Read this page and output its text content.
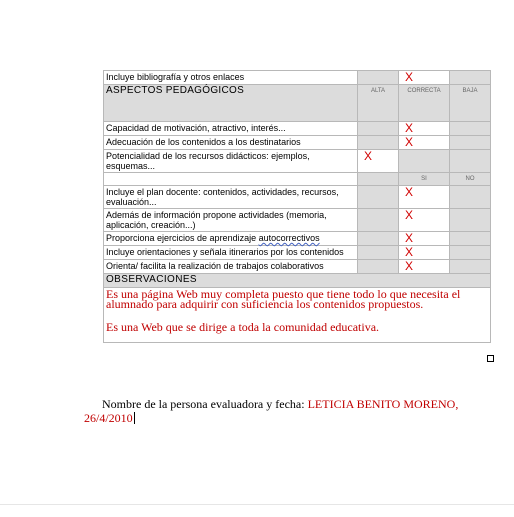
Incluye bibliografía y otros enlaces		X	
ASPECTOS PEDAGÓGICOS	ALTA	CORRECTA	BAJA
Capacidad de motivación, atractivo, interés...		X	
Adecuación de los contenidos a los destinatarios		X	
Potencialidad de los recursos didácticos: ejemplos, esquemas...	X		
		SI	NO
Incluye el plan docente: contenidos, actividades, recursos, evaluación...		X	
Además de información propone actividades (memoria, aplicación, creación...)		X	
Proporciona ejercicios de aprendizaje autocorrectivos		X	
Incluye orientaciones y señala itinerarios por los contenidos		X	
Orienta/ facilita la realización de trabajos colaborativos		X	
OBSERVACIONES			

Es una página Web muy completa puesto que tiene todo lo que necesita el alumnado para adquirir con suficiencia los contenidos propuestos.

Es una Web que se dirige a toda la comunidad educativa.			

Nombre de la persona evaluadora y fecha: LETICIA BENITO MORENO, 26/4/2010
